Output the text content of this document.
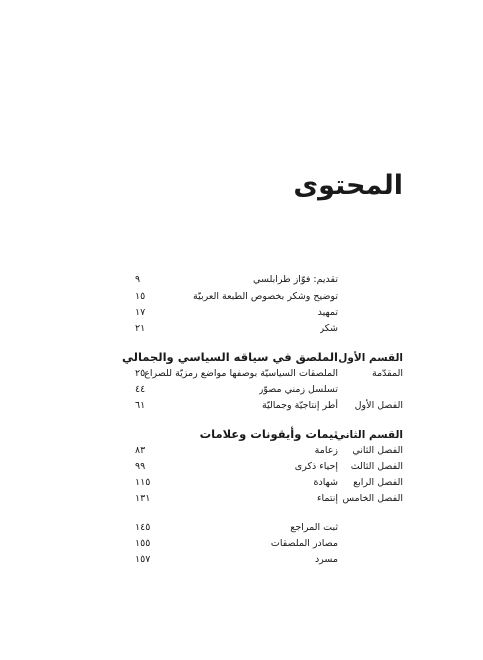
المحتوى
تقديم: فوّاز طرابلسي
٩
توضيح وشكر بخصوص الطبعة العربيّة
١٥
تمهيد
١٧
شكر
٢١
القسم الأول
الملصق في سياقه السياسي والجمالي
المقدّمة
الملصقات السياسيّة بوصفها مواضع رمزيّة للصراع
٢٥
تسلسل زمني مصوّر
٤٤
الفصل الأول
أطر إنتاجيّة وجماليّة
٦١
القسم الثاني
ثيمات وأيقونات وعلامات
الفصل الثاني
زعامة
٨٣
الفصل الثالث
إحياء ذكرى
٩٩
الفصل الرابع
شهادة
١١٥
الفصل الخامس
إنتماء
١٣١
ثبت المراجع
١٤٥
مصادر الملصقات
١٥٥
مسرد
١٥٧
